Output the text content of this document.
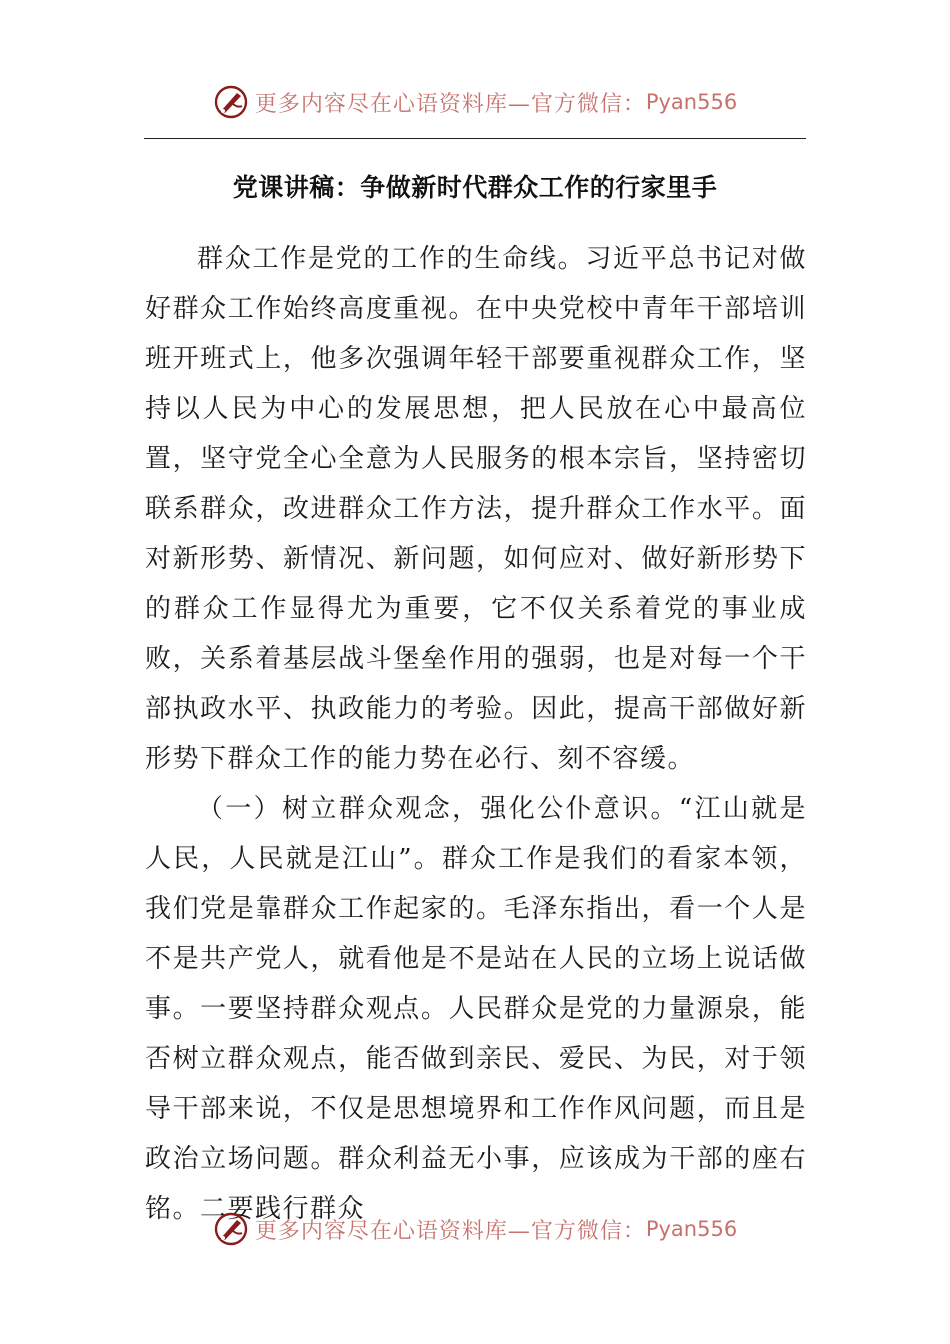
更多内容尽在心语资料库—官方微信： Pyan556
党课讲稿：争做新时代群众工作的行家里手

群众工作是党的工作的生命线。习近平总书记对做好群众工作始终高度重视。在中央党校中青年干部培训班开班式上，他多次强调年轻干部要重视群众工作，坚持以人民为中心的发展思想，把人民放在心中最高位置，坚守党全心全意为人民服务的根本宗旨，坚持密切联系群众，改进群众工作方法，提升群众工作水平。面对新形势、新情况、新问题，如何应对、做好新形势下的群众工作显得尤为重要，它不仅关系着党的事业成败，关系着基层战斗堡垒作用的强弱，也是对每一个干部执政水平、执政能力的考验。因此，提高干部做好新形势下群众工作的能力势在必行、刻不容缓。

（一）树立群众观念，强化公仆意识。“江山就是人民，人民就是江山”。群众工作是我们的看家本领，我们党是靠群众工作起家的。毛泽东指出，看一个人是不是共产党人，就看他是不是站在人民的立场上说话做事。一要坚持群众观点。人民群众是党的力量源泉，能否树立群众观点，能否做到亲民、爱民、为民，对于领导干部来说，不仅是思想境界和工作作风问题，而且是政治立场问题。群众利益无小事，应该成为干部的座右铭。二要践行群众

更多内容尽在心语资料库—官方微信： Pyan556
